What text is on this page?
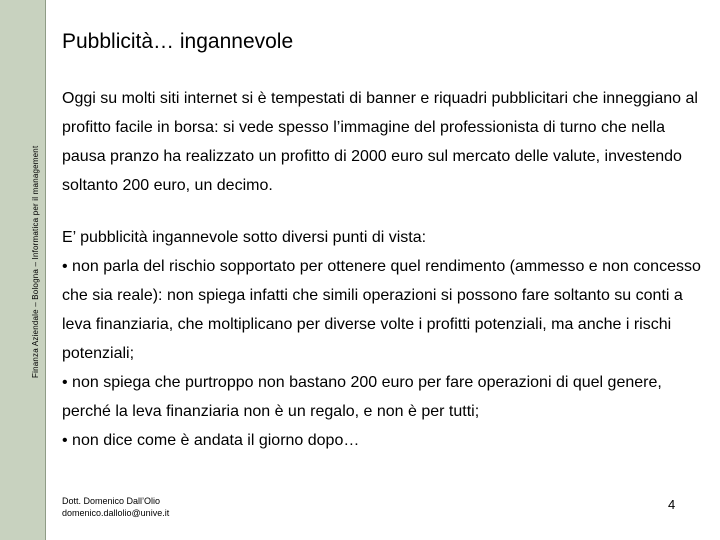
Finanza Aziendale – Bologna – Informatica per il management
Pubblicità… ingannevole

Oggi su molti siti internet si è tempestati di banner e riquadri pubblicitari che inneggiano al profitto facile in borsa: si vede spesso l’immagine del professionista di turno che nella pausa pranzo ha realizzato un profitto di 2000 euro sul mercato delle valute, investendo soltanto 200 euro, un decimo.

E’ pubblicità ingannevole sotto diversi punti di vista:

• non parla del rischio sopportato per ottenere quel rendimento (ammesso e non concesso che sia reale): non spiega infatti che simili operazioni si possono fare soltanto su conti a leva finanziaria, che moltiplicano per diverse volte i profitti potenziali, ma anche i rischi potenziali;

• non spiega che purtroppo non bastano 200 euro per fare operazioni di quel genere, perché la leva finanziaria non è un regalo, e non è per tutti;

• non dice come è andata il giorno dopo…

Dott. Domenico Dall’Olio
domenico.dallolio@unive.it
4
